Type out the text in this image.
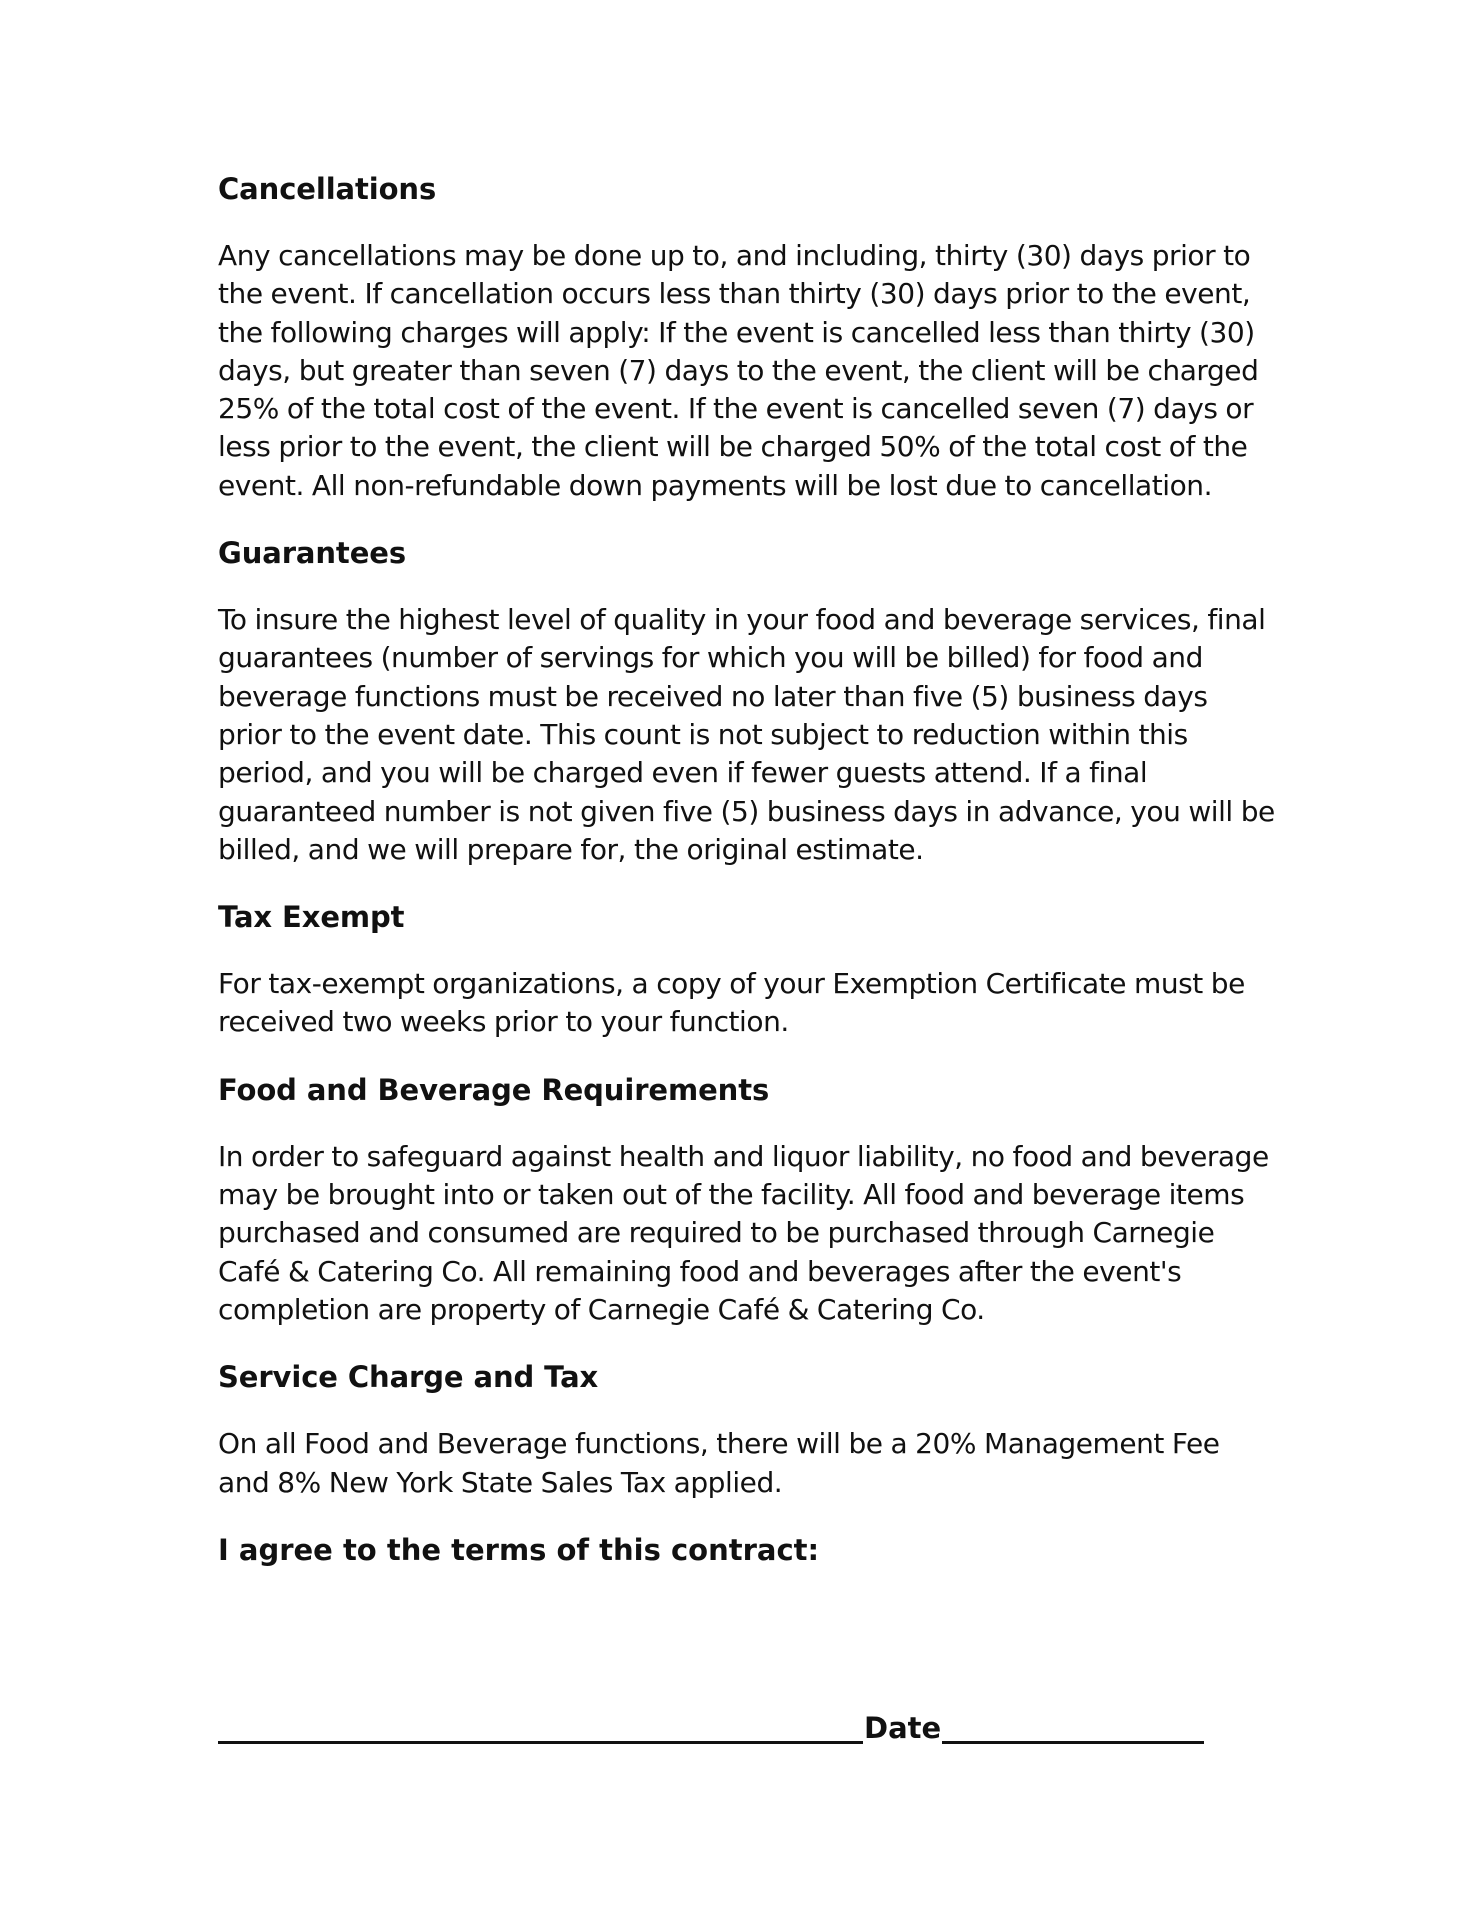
Cancellations

Any cancellations may be done up to, and including, thirty (30) days prior to the event. If cancellation occurs less than thirty (30) days prior to the event, the following charges will apply: If the event is cancelled less than thirty (30) days, but greater than seven (7) days to the event, the client will be charged 25% of the total cost of the event. If the event is cancelled seven (7) days or less prior to the event, the client will be charged 50% of the total cost of the event. All non-refundable down payments will be lost due to cancellation.

Guarantees

To insure the highest level of quality in your food and beverage services, final guarantees (number of servings for which you will be billed) for food and beverage functions must be received no later than five (5) business days prior to the event date. This count is not subject to reduction within this period, and you will be charged even if fewer guests attend. If a final guaranteed number is not given five (5) business days in advance, you will be billed, and we will prepare for, the original estimate.

Tax Exempt

For tax-exempt organizations, a copy of your Exemption Certificate must be received two weeks prior to your function.

Food and Beverage Requirements

In order to safeguard against health and liquor liability, no food and beverage may be brought into or taken out of the facility. All food and beverage items purchased and consumed are required to be purchased through Carnegie Café & Catering Co. All remaining food and beverages after the event's completion are property of Carnegie Café & Catering Co.

Service Charge and Tax

On all Food and Beverage functions, there will be a 20% Management Fee and 8% New York State Sales Tax applied.

I agree to the terms of this contract:

Date
